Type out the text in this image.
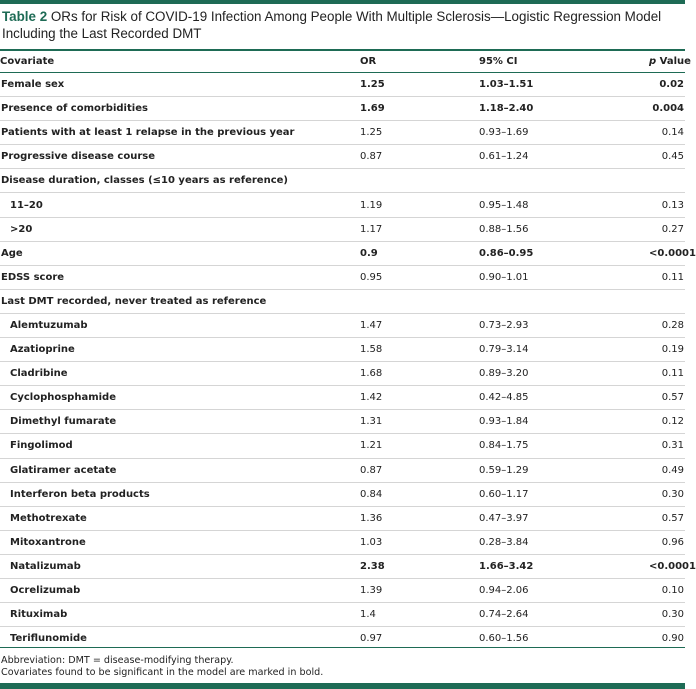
Table 2 ORs for Risk of COVID-19 Infection Among People With Multiple Sclerosis—Logistic Regression Model Including the Last Recorded DMT
Covariate	OR	95% CI	p Value
Female sex	1.25	1.03–1.51	0.02
Presence of comorbidities	1.69	1.18–2.40	0.004
Patients with at least 1 relapse in the previous year	1.25	0.93–1.69	0.14
Progressive disease course	0.87	0.61–1.24	0.45
Disease duration, classes (≤10 years as reference)			
11–20	1.19	0.95–1.48	0.13
>20	1.17	0.88–1.56	0.27
Age	0.9	0.86–0.95	<0.0001
EDSS score	0.95	0.90–1.01	0.11
Last DMT recorded, never treated as reference			
Alemtuzumab	1.47	0.73–2.93	0.28
Azatioprine	1.58	0.79–3.14	0.19
Cladribine	1.68	0.89–3.20	0.11
Cyclophosphamide	1.42	0.42–4.85	0.57
Dimethyl fumarate	1.31	0.93–1.84	0.12
Fingolimod	1.21	0.84–1.75	0.31
Glatiramer acetate	0.87	0.59–1.29	0.49
Interferon beta products	0.84	0.60–1.17	0.30
Methotrexate	1.36	0.47–3.97	0.57
Mitoxantrone	1.03	0.28–3.84	0.96
Natalizumab	2.38	1.66–3.42	<0.0001
Ocrelizumab	1.39	0.94–2.06	0.10
Rituximab	1.4	0.74–2.64	0.30
Teriflunomide	0.97	0.60–1.56	0.90
Abbreviation: DMT = disease-modifying therapy.
Covariates found to be significant in the model are marked in bold.
